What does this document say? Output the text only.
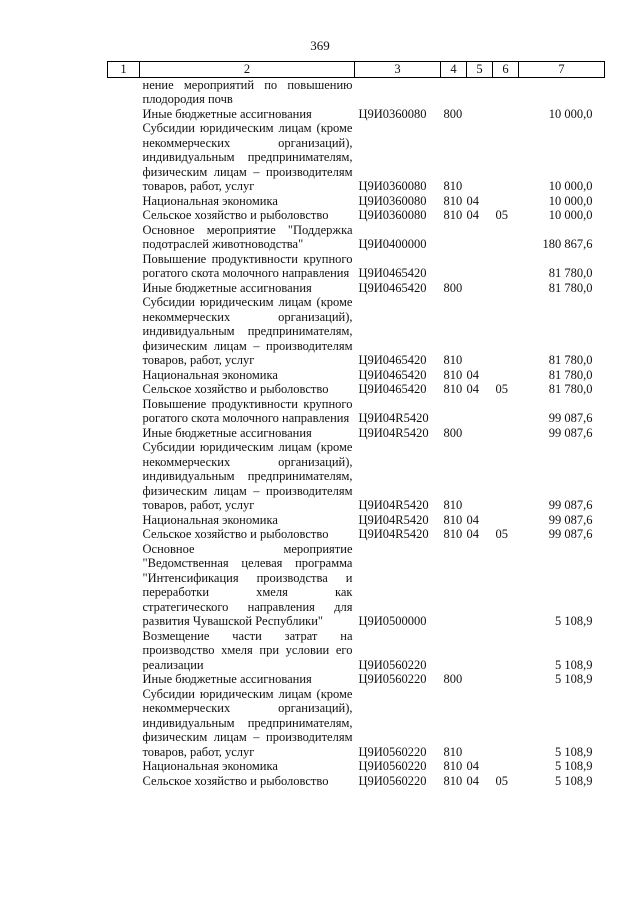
369
1	2	3	4	5	6	7
	нение мероприятий по повышению плодородия почв					
	Иные бюджетные ассигнования	Ц9И0360080	800			10 000,0
	Субсидии юридическим лицам (кроме некоммерческих организаций), индивидуальным предпринимателям, физическим лицам – производителям товаров, работ, услуг	Ц9И0360080	810			10 000,0
	Национальная экономика	Ц9И0360080	810	04		10 000,0
	Сельское хозяйство и рыболовство	Ц9И0360080	810	04	05	10 000,0
	Основное мероприятие "Поддержка подотраслей животноводства"	Ц9И0400000				180 867,6
	Повышение продуктивности крупного рогатого скота молочного направления	Ц9И0465420				81 780,0
	Иные бюджетные ассигнования	Ц9И0465420	800			81 780,0
	Субсидии юридическим лицам (кроме некоммерческих организаций), индивидуальным предпринимателям, физическим лицам – производителям товаров, работ, услуг	Ц9И0465420	810			81 780,0
	Национальная экономика	Ц9И0465420	810	04		81 780,0
	Сельское хозяйство и рыболовство	Ц9И0465420	810	04	05	81 780,0
	Повышение продуктивности крупного рогатого скота молочного направления	Ц9И04R5420				99 087,6
	Иные бюджетные ассигнования	Ц9И04R5420	800			99 087,6
	Субсидии юридическим лицам (кроме некоммерческих организаций), индивидуальным предпринимателям, физическим лицам – производителям товаров, работ, услуг	Ц9И04R5420	810			99 087,6
	Национальная экономика	Ц9И04R5420	810	04		99 087,6
	Сельское хозяйство и рыболовство	Ц9И04R5420	810	04	05	99 087,6
	Основное мероприятие "Ведомственная целевая программа "Интенсификация производства и переработки хмеля как стратегического направления для развития Чувашской Республики"	Ц9И0500000				5 108,9
	Возмещение части затрат на производство хмеля при условии его реализации	Ц9И0560220				5 108,9
	Иные бюджетные ассигнования	Ц9И0560220	800			5 108,9
	Субсидии юридическим лицам (кроме некоммерческих организаций), индивидуальным предпринимателям, физическим лицам – производителям товаров, работ, услуг	Ц9И0560220	810			5 108,9
	Национальная экономика	Ц9И0560220	810	04		5 108,9
	Сельское хозяйство и рыболовство	Ц9И0560220	810	04	05	5 108,9
